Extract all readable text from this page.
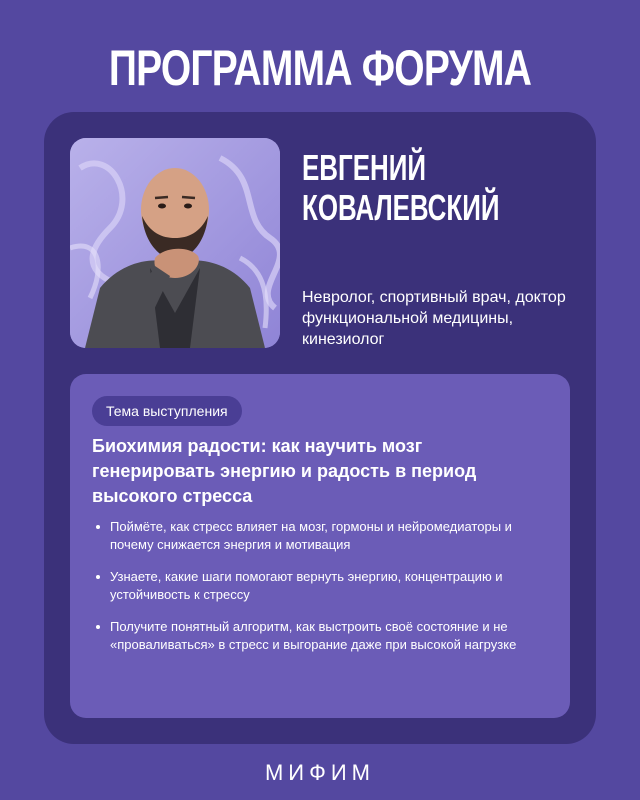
ПРОГРАММА ФОРУМА
ЕВГЕНИЙ
КОВАЛЕВСКИЙ
Невролог, спортивный врач, доктор функциональной медицины, кинезиолог
Тема выступления
Биохимия радости: как научить мозг генерировать энергию и радость в период высокого стресса
Поймёте, как стресс влияет на мозг, гормоны и нейромедиаторы и почему снижается энергия и мотивация
Узнаете, какие шаги помогают вернуть энергию, концентрацию и устойчивость к стрессу
Получите понятный алгоритм, как выстроить своё состояние и не «проваливаться» в стресс и выгорание даже при высокой нагрузке
МИФИМ
